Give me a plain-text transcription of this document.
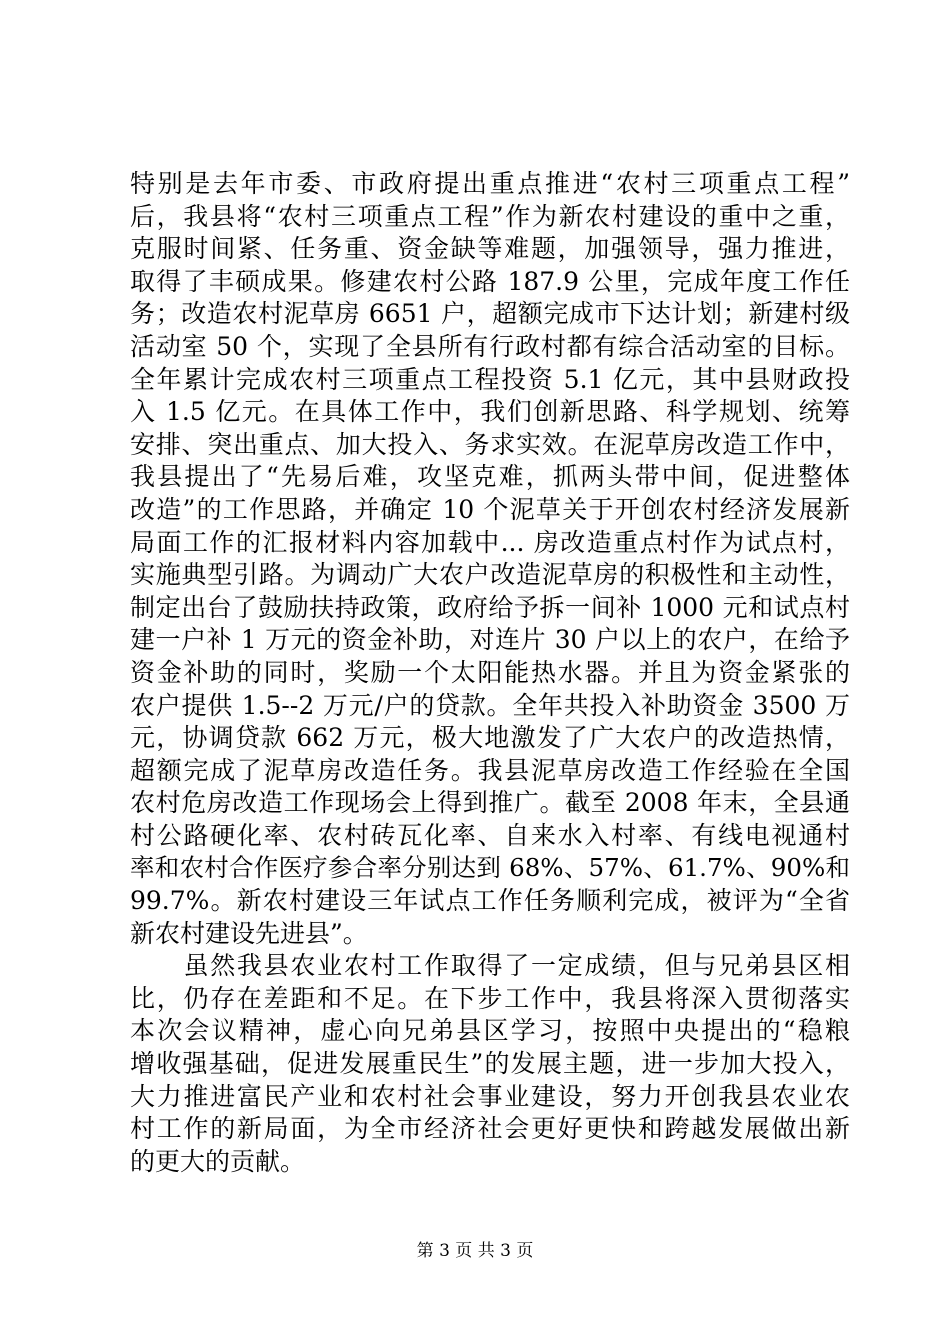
特别是去年市委、市政府提出重点推进“农村三项重点工程”
后，我县将“农村三项重点工程”作为新农村建设的重中之重，
克服时间紧、任务重、资金缺等难题，加强领导，强力推进，
取得了丰硕成果。修建农村公路 187.9 公里，完成年度工作任
务；改造农村泥草房 6651 户，超额完成市下达计划；新建村级
活动室 50 个，实现了全县所有行政村都有综合活动室的目标。
全年累计完成农村三项重点工程投资 5.1 亿元，其中县财政投
入 1.5 亿元。在具体工作中，我们创新思路、科学规划、统筹
安排、突出重点、加大投入、务求实效。在泥草房改造工作中，
我县提出了“先易后难，攻坚克难，抓两头带中间，促进整体
改造”的工作思路，并确定 10 个泥草关于开创农村经济发展新
局面工作的汇报材料内容加载中... 房改造重点村作为试点村，
实施典型引路。为调动广大农户改造泥草房的积极性和主动性，
制定出台了鼓励扶持政策，政府给予拆一间补 1000 元和试点村
建一户补 1 万元的资金补助，对连片 30 户以上的农户，在给予
资金补助的同时，奖励一个太阳能热水器。并且为资金紧张的
农户提供 1.5--2 万元/户的贷款。全年共投入补助资金 3500 万
元，协调贷款 662 万元，极大地激发了广大农户的改造热情，
超额完成了泥草房改造任务。我县泥草房改造工作经验在全国
农村危房改造工作现场会上得到推广。截至 2008 年末，全县通
村公路硬化率、农村砖瓦化率、自来水入村率、有线电视通村
率和农村合作医疗参合率分别达到 68%、57%、61.7%、90%和
99.7%。新农村建设三年试点工作任务顺利完成，被评为“全省
新农村建设先进县”。
　　虽然我县农业农村工作取得了一定成绩，但与兄弟县区相
比，仍存在差距和不足。在下步工作中，我县将深入贯彻落实
本次会议精神，虚心向兄弟县区学习，按照中央提出的“稳粮
增收强基础，促进发展重民生”的发展主题，进一步加大投入，
大力推进富民产业和农村社会事业建设，努力开创我县农业农
村工作的新局面，为全市经济社会更好更快和跨越发展做出新
的更大的贡献。
第 3 页 共 3 页
